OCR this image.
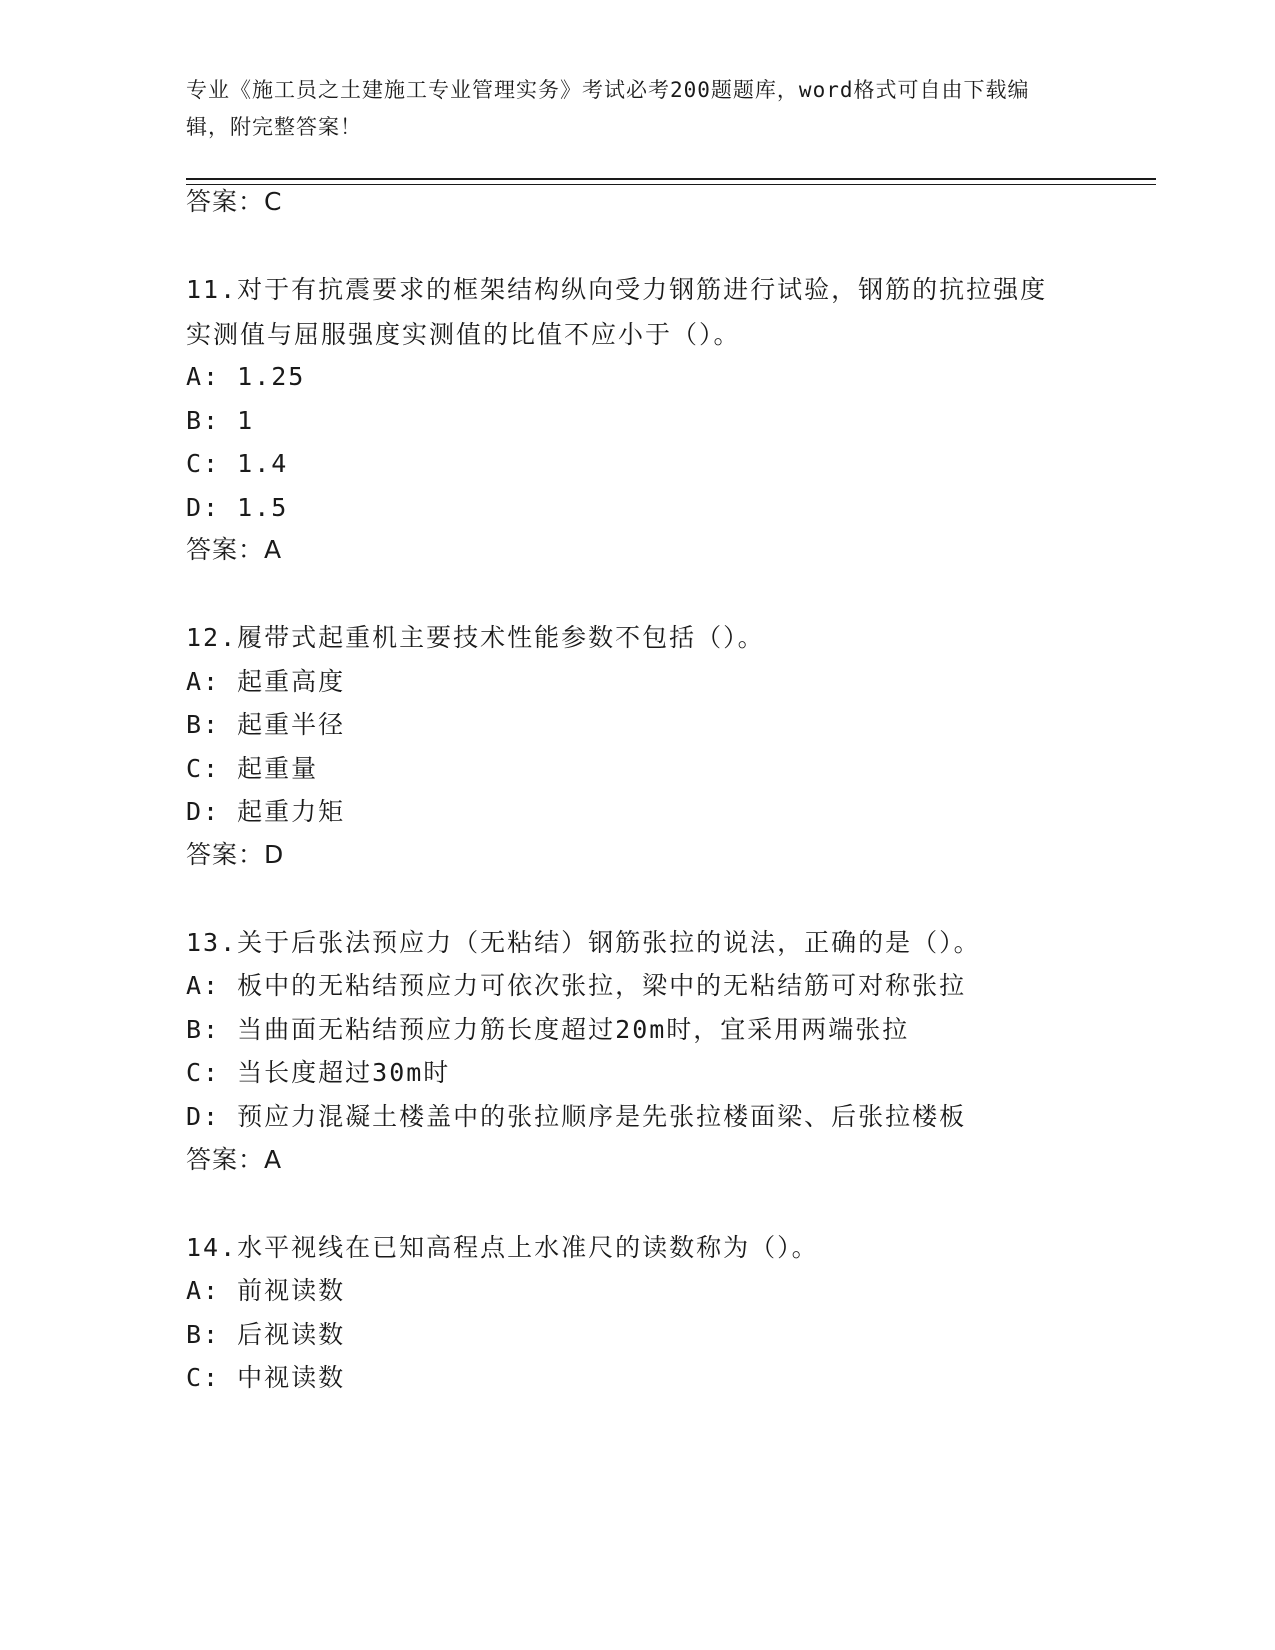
专业《施工员之土建施工专业管理实务》考试必考200题题库，word格式可自由下载编辑，附完整答案！
答案：C
11.对于有抗震要求的框架结构纵向受力钢筋进行试验，钢筋的抗拉强度实测值与屈服强度实测值的比值不应小于（）。
A: 1.25
B: 1
C: 1.4
D: 1.5
答案：A
12.履带式起重机主要技术性能参数不包括（）。
A: 起重高度
B: 起重半径
C: 起重量
D: 起重力矩
答案：D
13.关于后张法预应力（无粘结）钢筋张拉的说法，正确的是（）。
A: 板中的无粘结预应力可依次张拉，梁中的无粘结筋可对称张拉
B: 当曲面无粘结预应力筋长度超过20m时，宜采用两端张拉
C: 当长度超过30m时
D: 预应力混凝土楼盖中的张拉顺序是先张拉楼面梁、后张拉楼板
答案：A
14.水平视线在已知高程点上水准尺的读数称为（）。
A: 前视读数
B: 后视读数
C: 中视读数
